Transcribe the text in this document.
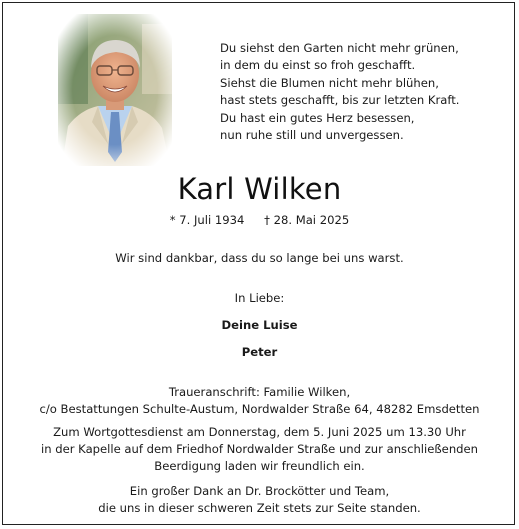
Du siehst den Garten nicht mehr grünen,
in dem du einst so froh geschafft.
Siehst die Blumen nicht mehr blühen,
hast stets geschafft, bis zur letzten Kraft.
Du hast ein gutes Herz besessen,
nun ruhe still und unvergessen.
Karl Wilken
* 7. Juli 1934 † 28. Mai 2025
Wir sind dankbar, dass du so lange bei uns warst.
In Liebe:
Deine Luise
Peter
Traueranschrift: Familie Wilken,
c/o Bestattungen Schulte-Austum, Nordwalder Straße 64, 48282 Emsdetten
Zum Wortgottesdienst am Donnerstag, dem 5. Juni 2025 um 13.30 Uhr
in der Kapelle auf dem Friedhof Nordwalder Straße und zur anschließenden
Beerdigung laden wir freundlich ein.
Ein großer Dank an Dr. Brockötter und Team,
die uns in dieser schweren Zeit stets zur Seite standen.
